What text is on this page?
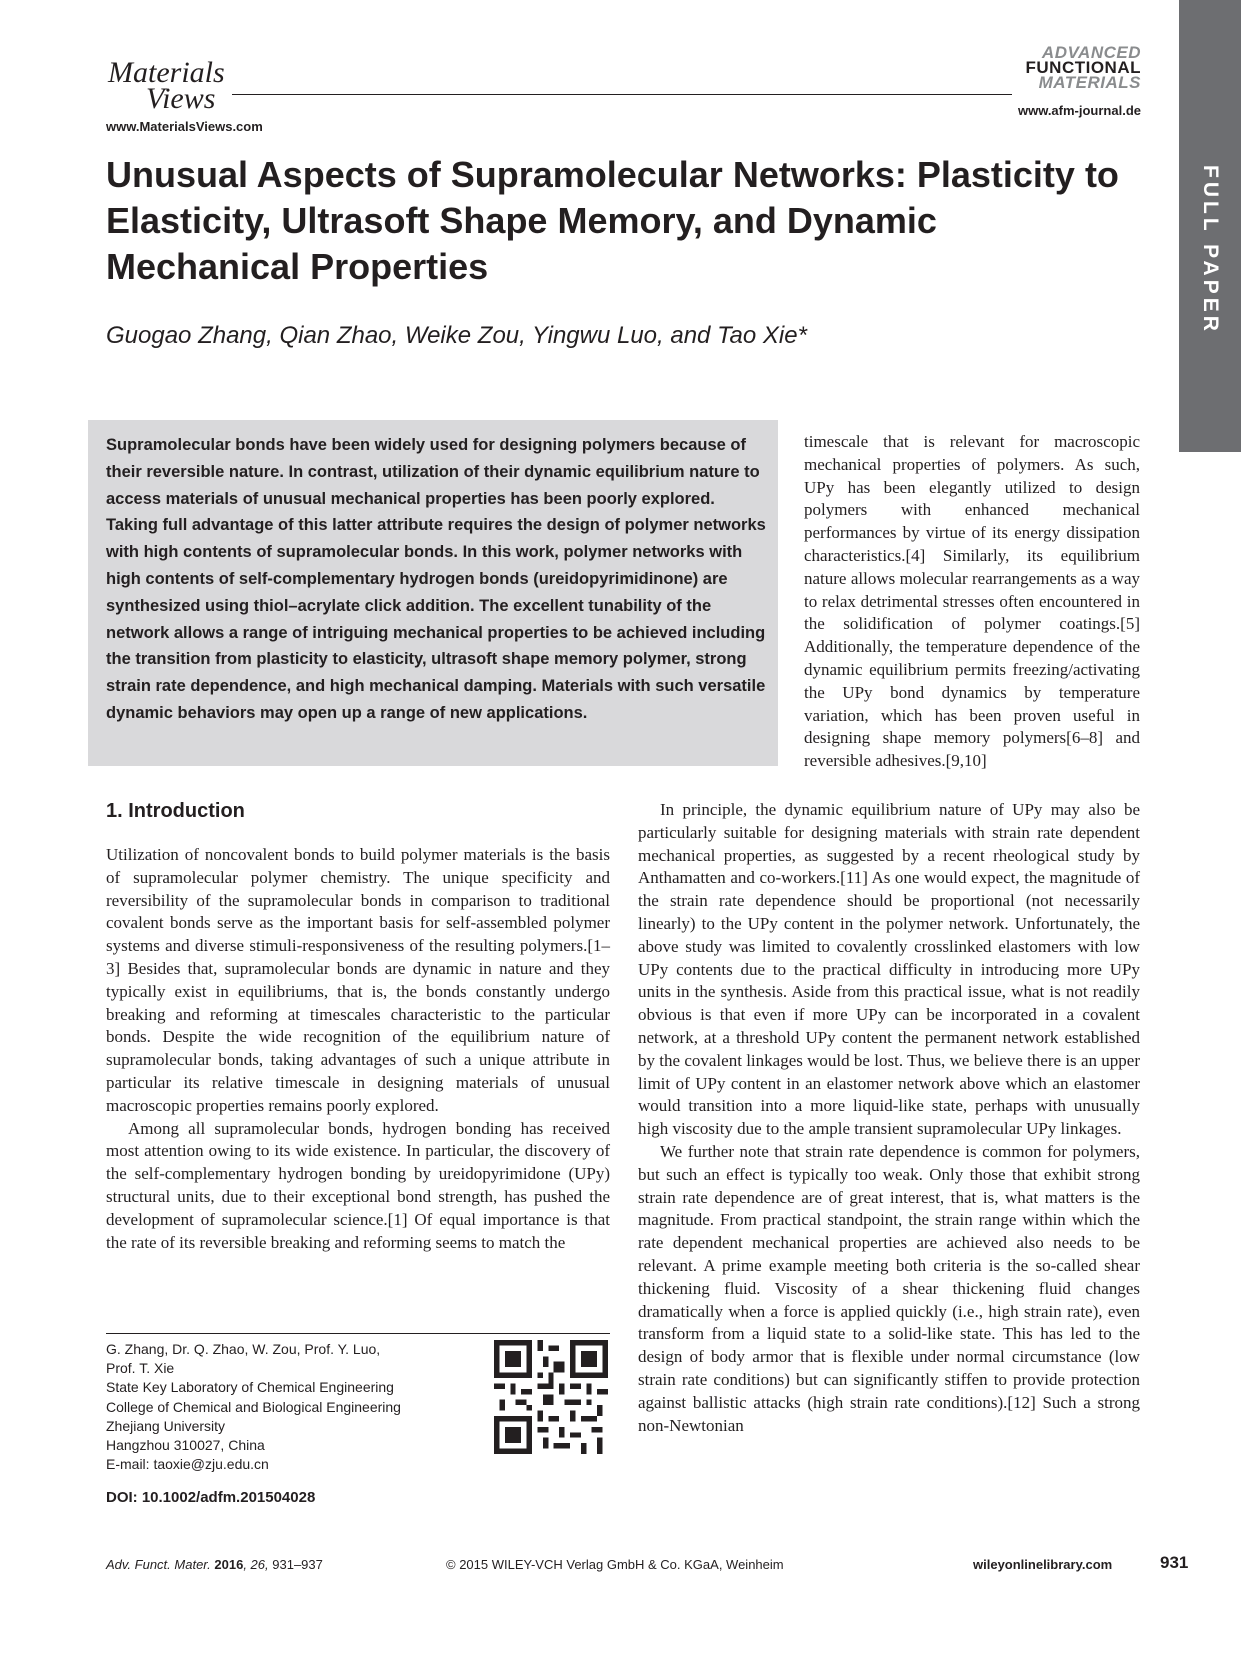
Materials
Views
www.MaterialsViews.com
ADVANCED
FUNCTIONAL
MATERIALS
www.afm-journal.de
FULL PAPER
Unusual Aspects of Supramolecular Networks: Plasticity to Elasticity, Ultrasoft Shape Memory, and Dynamic Mechanical Properties
Guogao Zhang, Qian Zhao, Weike Zou, Yingwu Luo, and Tao Xie*
Supramolecular bonds have been widely used for designing polymers because of their reversible nature. In contrast, utilization of their dynamic equilibrium nature to access materials of unusual mechanical properties has been poorly explored. Taking full advantage of this latter attribute requires the design of polymer networks with high contents of supramolecular bonds. In this work, polymer networks with high contents of self-complementary hydrogen bonds (ureidopyrimidinone) are synthesized using thiol–acrylate click addition. The excellent tunability of the network allows a range of intriguing mechanical properties to be achieved including the transition from plasticity to elasticity, ultrasoft shape memory polymer, strong strain rate dependence, and high mechanical damping. Materials with such versatile dynamic behaviors may open up a range of new applications.

timescale that is relevant for macroscopic mechanical properties of polymers. As such, UPy has been elegantly utilized to design polymers with enhanced mechanical performances by virtue of its energy dissipation characteristics.[4] Similarly, its equilibrium nature allows molecular rearrangements as a way to relax detrimental stresses often encountered in the solidification of polymer coatings.[5] Additionally, the temperature dependence of the dynamic equilibrium permits freezing/activating the UPy bond dynamics by temperature variation, which has been proven useful in designing shape memory polymers[6–8] and reversible adhesives.[9,10]

1. Introduction

Utilization of noncovalent bonds to build polymer materials is the basis of supramolecular polymer chemistry. The unique specificity and reversibility of the supramolecular bonds in comparison to traditional covalent bonds serve as the important basis for self-assembled polymer systems and diverse stimuli-responsiveness of the resulting polymers.[1–3] Besides that, supramolecular bonds are dynamic in nature and they typically exist in equilibriums, that is, the bonds constantly undergo breaking and reforming at timescales characteristic to the particular bonds. Despite the wide recognition of the equilibrium nature of supramolecular bonds, taking advantages of such a unique attribute in particular its relative timescale in designing materials of unusual macroscopic properties remains poorly explored.

Among all supramolecular bonds, hydrogen bonding has received most attention owing to its wide existence. In particular, the discovery of the self-complementary hydrogen bonding by ureidopyrimidone (UPy) structural units, due to their exceptional bond strength, has pushed the development of supramolecular science.[1] Of equal importance is that the rate of its reversible breaking and reforming seems to match the

In principle, the dynamic equilibrium nature of UPy may also be particularly suitable for designing materials with strain rate dependent mechanical properties, as suggested by a recent rheological study by Anthamatten and co-workers.[11] As one would expect, the magnitude of the strain rate dependence should be proportional (not necessarily linearly) to the UPy content in the polymer network. Unfortunately, the above study was limited to covalently crosslinked elastomers with low UPy contents due to the practical difficulty in introducing more UPy units in the synthesis. Aside from this practical issue, what is not readily obvious is that even if more UPy can be incorporated in a covalent network, at a threshold UPy content the permanent network established by the covalent linkages would be lost. Thus, we believe there is an upper limit of UPy content in an elastomer network above which an elastomer would transition into a more liquid-like state, perhaps with unusually high viscosity due to the ample transient supramolecular UPy linkages.

We further note that strain rate dependence is common for polymers, but such an effect is typically too weak. Only those that exhibit strong strain rate dependence are of great interest, that is, what matters is the magnitude. From practical standpoint, the strain range within which the rate dependent mechanical properties are achieved also needs to be relevant. A prime example meeting both criteria is the so-called shear thickening fluid. Viscosity of a shear thickening fluid changes dramatically when a force is applied quickly (i.e., high strain rate), even transform from a liquid state to a solid-like state. This has led to the design of body armor that is flexible under normal circumstance (low strain rate conditions) but can significantly stiffen to provide protection against ballistic attacks (high strain rate conditions).[12] Such a strong non-Newtonian

G. Zhang, Dr. Q. Zhao, W. Zou, Prof. Y. Luo,
Prof. T. Xie
State Key Laboratory of Chemical Engineering
College of Chemical and Biological Engineering
Zhejiang University
Hangzhou 310027, China
E-mail: taoxie@zju.edu.cn
DOI: 10.1002/adfm.201504028
Adv. Funct. Mater. 2016, 26, 931–937	© 2015 WILEY-VCH Verlag GmbH & Co. KGaA, Weinheim	wileyonlinelibrary.com	931
